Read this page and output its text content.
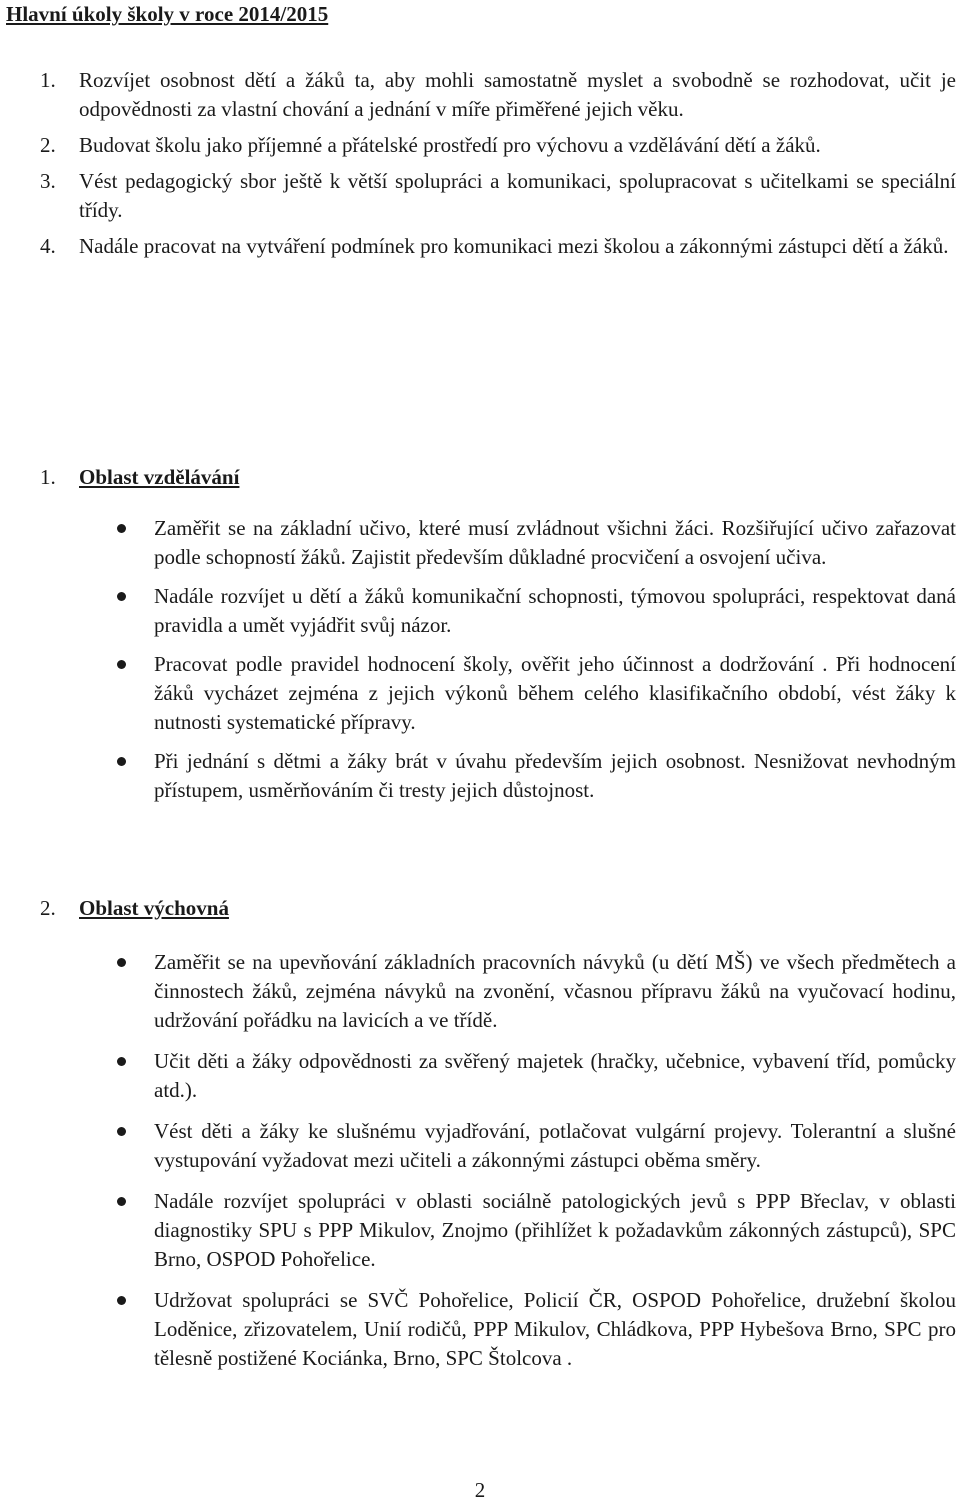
Hlavní úkoly školy v roce 2014/2015
1. Rozvíjet osobnost dětí a žáků ta, aby mohli samostatně myslet a svobodně se rozhodovat, učit je odpovědnosti za vlastní chování a jednání v míře přiměřené jejich věku.
2. Budovat školu jako příjemné a přátelské prostředí pro výchovu a vzdělávání dětí a žáků.
3. Vést pedagogický sbor ještě k větší spolupráci a komunikaci, spolupracovat s učitelkami se speciální třídy.
4. Nadále pracovat na vytváření podmínek pro komunikaci mezi školou a zákonnými zástupci dětí a žáků.

1. Oblast vzdělávání

Zaměřit se na základní učivo, které musí zvládnout všichni žáci. Rozšiřující učivo zařazovat podle schopností žáků. Zajistit především důkladné procvičení a osvojení učiva.
Nadále rozvíjet u dětí a žáků komunikační schopnosti, týmovou spolupráci, respektovat daná pravidla a umět vyjádřit svůj názor.
Pracovat podle pravidel hodnocení školy, ověřit jeho účinnost a dodržování . Při hodnocení žáků vycházet zejména z jejich výkonů během celého klasifikačního období, vést žáky k nutnosti systematické přípravy.
Při jednání s dětmi a žáky brát v úvahu především jejich osobnost. Nesnižovat nevhodným přístupem, usměrňováním či tresty jejich důstojnost.

2. Oblast výchovná

Zaměřit se na upevňování základních pracovních návyků (u dětí MŠ) ve všech předmětech a činnostech žáků, zejména návyků na zvonění, včasnou přípravu žáků na vyučovací hodinu, udržování pořádku na lavicích a ve třídě.
Učit děti a žáky odpovědnosti za svěřený majetek (hračky, učebnice, vybavení tříd, pomůcky atd.).
Vést děti a žáky ke slušnému vyjadřování, potlačovat vulgární projevy. Tolerantní a slušné vystupování vyžadovat mezi učiteli a zákonnými zástupci oběma směry.
Nadále rozvíjet spolupráci v oblasti sociálně patologických jevů s PPP Břeclav, v oblasti diagnostiky SPU s PPP Mikulov, Znojmo (přihlížet k požadavkům zákonných zástupců), SPC Brno, OSPOD Pohořelice.
Udržovat spolupráci se SVČ Pohořelice, Policií ČR, OSPOD Pohořelice, družební školou Loděnice, zřizovatelem, Unií rodičů, PPP Mikulov, Chládkova, PPP Hybešova Brno, SPC pro tělesně postižené Kociánka, Brno, SPC Štolcova .
2
